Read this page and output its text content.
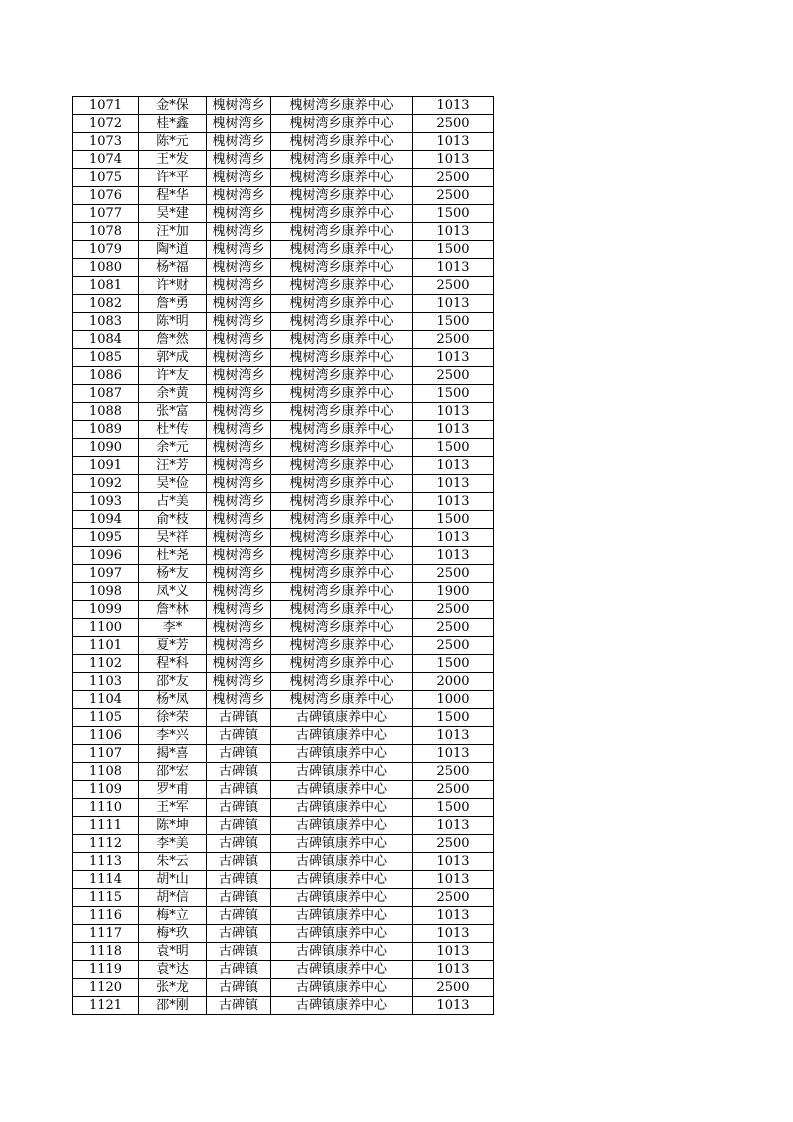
1071	金*保	槐树湾乡	槐树湾乡康养中心	1013
1072	桂*鑫	槐树湾乡	槐树湾乡康养中心	2500
1073	陈*元	槐树湾乡	槐树湾乡康养中心	1013
1074	王*发	槐树湾乡	槐树湾乡康养中心	1013
1075	许*平	槐树湾乡	槐树湾乡康养中心	2500
1076	程*华	槐树湾乡	槐树湾乡康养中心	2500
1077	吴*建	槐树湾乡	槐树湾乡康养中心	1500
1078	汪*加	槐树湾乡	槐树湾乡康养中心	1013
1079	陶*道	槐树湾乡	槐树湾乡康养中心	1500
1080	杨*福	槐树湾乡	槐树湾乡康养中心	1013
1081	许*财	槐树湾乡	槐树湾乡康养中心	2500
1082	詹*勇	槐树湾乡	槐树湾乡康养中心	1013
1083	陈*明	槐树湾乡	槐树湾乡康养中心	1500
1084	詹*然	槐树湾乡	槐树湾乡康养中心	2500
1085	郭*成	槐树湾乡	槐树湾乡康养中心	1013
1086	许*友	槐树湾乡	槐树湾乡康养中心	2500
1087	余*黄	槐树湾乡	槐树湾乡康养中心	1500
1088	张*富	槐树湾乡	槐树湾乡康养中心	1013
1089	杜*传	槐树湾乡	槐树湾乡康养中心	1013
1090	余*元	槐树湾乡	槐树湾乡康养中心	1500
1091	汪*芳	槐树湾乡	槐树湾乡康养中心	1013
1092	吴*俭	槐树湾乡	槐树湾乡康养中心	1013
1093	占*美	槐树湾乡	槐树湾乡康养中心	1013
1094	俞*枝	槐树湾乡	槐树湾乡康养中心	1500
1095	吴*祥	槐树湾乡	槐树湾乡康养中心	1013
1096	杜*尧	槐树湾乡	槐树湾乡康养中心	1013
1097	杨*友	槐树湾乡	槐树湾乡康养中心	2500
1098	凤*义	槐树湾乡	槐树湾乡康养中心	1900
1099	詹*林	槐树湾乡	槐树湾乡康养中心	2500
1100	李*	槐树湾乡	槐树湾乡康养中心	2500
1101	夏*芳	槐树湾乡	槐树湾乡康养中心	2500
1102	程*科	槐树湾乡	槐树湾乡康养中心	1500
1103	邵*友	槐树湾乡	槐树湾乡康养中心	2000
1104	杨*凤	槐树湾乡	槐树湾乡康养中心	1000
1105	徐*荣	古碑镇	古碑镇康养中心	1500
1106	李*兴	古碑镇	古碑镇康养中心	1013
1107	揭*喜	古碑镇	古碑镇康养中心	1013
1108	邵*宏	古碑镇	古碑镇康养中心	2500
1109	罗*甫	古碑镇	古碑镇康养中心	2500
1110	王*军	古碑镇	古碑镇康养中心	1500
1111	陈*坤	古碑镇	古碑镇康养中心	1013
1112	李*美	古碑镇	古碑镇康养中心	2500
1113	朱*云	古碑镇	古碑镇康养中心	1013
1114	胡*山	古碑镇	古碑镇康养中心	1013
1115	胡*信	古碑镇	古碑镇康养中心	2500
1116	梅*立	古碑镇	古碑镇康养中心	1013
1117	梅*玖	古碑镇	古碑镇康养中心	1013
1118	袁*明	古碑镇	古碑镇康养中心	1013
1119	袁*达	古碑镇	古碑镇康养中心	1013
1120	张*龙	古碑镇	古碑镇康养中心	2500
1121	邵*刚	古碑镇	古碑镇康养中心	1013
